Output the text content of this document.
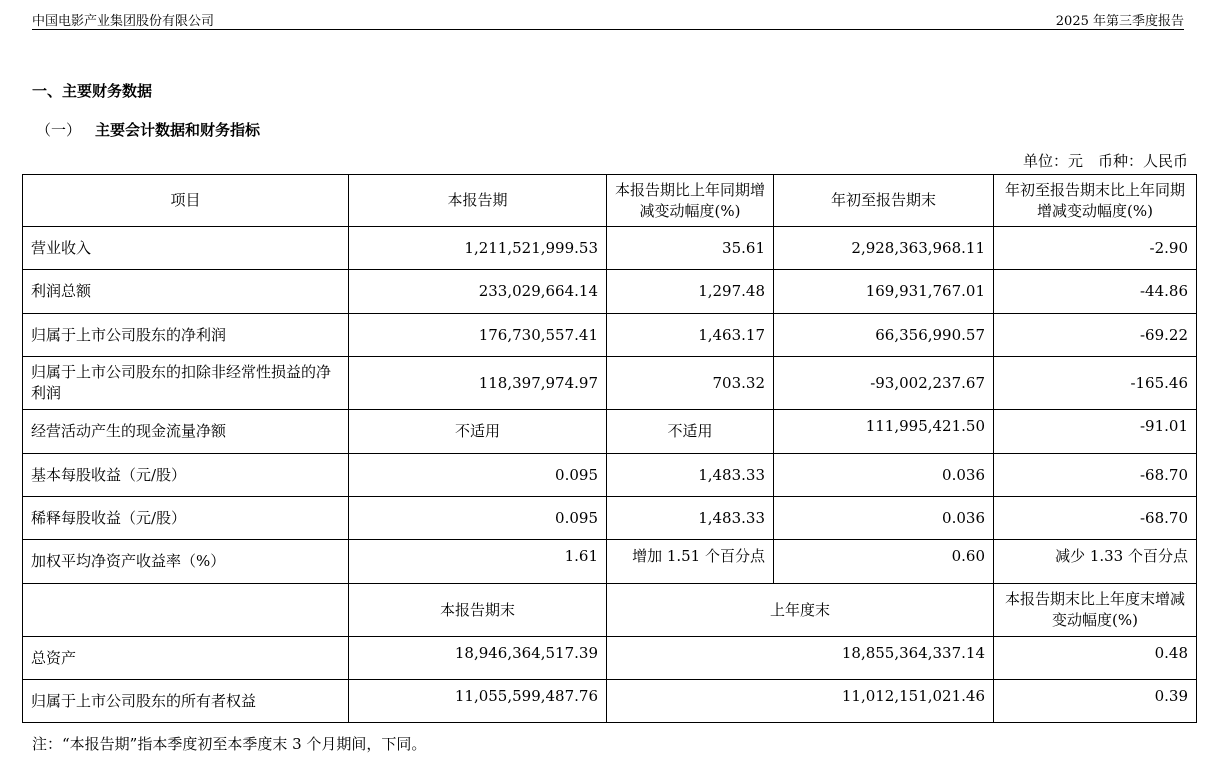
中国电影产业集团股份有限公司	2025 年第三季度报告
一、主要财务数据
（一） 主要会计数据和财务指标
单位：元　币种：人民币
项目	本报告期	本报告期比上年同期增减变动幅度(%)	年初至报告期末	年初至报告期末比上年同期增减变动幅度(%)
营业收入	1,211,521,999.53	35.61	2,928,363,968.11	-2.90
利润总额	233,029,664.14	1,297.48	169,931,767.01	-44.86
归属于上市公司股东的净利润	176,730,557.41	1,463.17	66,356,990.57	-69.22
归属于上市公司股东的扣除非经常性损益的净利润	118,397,974.97	703.32	-93,002,237.67	-165.46
经营活动产生的现金流量净额	不适用	不适用	111,995,421.50	-91.01
基本每股收益（元/股）	0.095	1,483.33	0.036	-68.70
稀释每股收益（元/股）	0.095	1,483.33	0.036	-68.70
加权平均净资产收益率（%）	1.61	增加 1.51 个百分点	0.60	减少 1.33 个百分点
	本报告期末	上年度末		本报告期末比上年度末增减变动幅度(%)
总资产	18,946,364,517.39	18,855,364,337.14		0.48
归属于上市公司股东的所有者权益	11,055,599,487.76	11,012,151,021.46		0.39
注：“本报告期”指本季度初至本季度末 3 个月期间，下同。
